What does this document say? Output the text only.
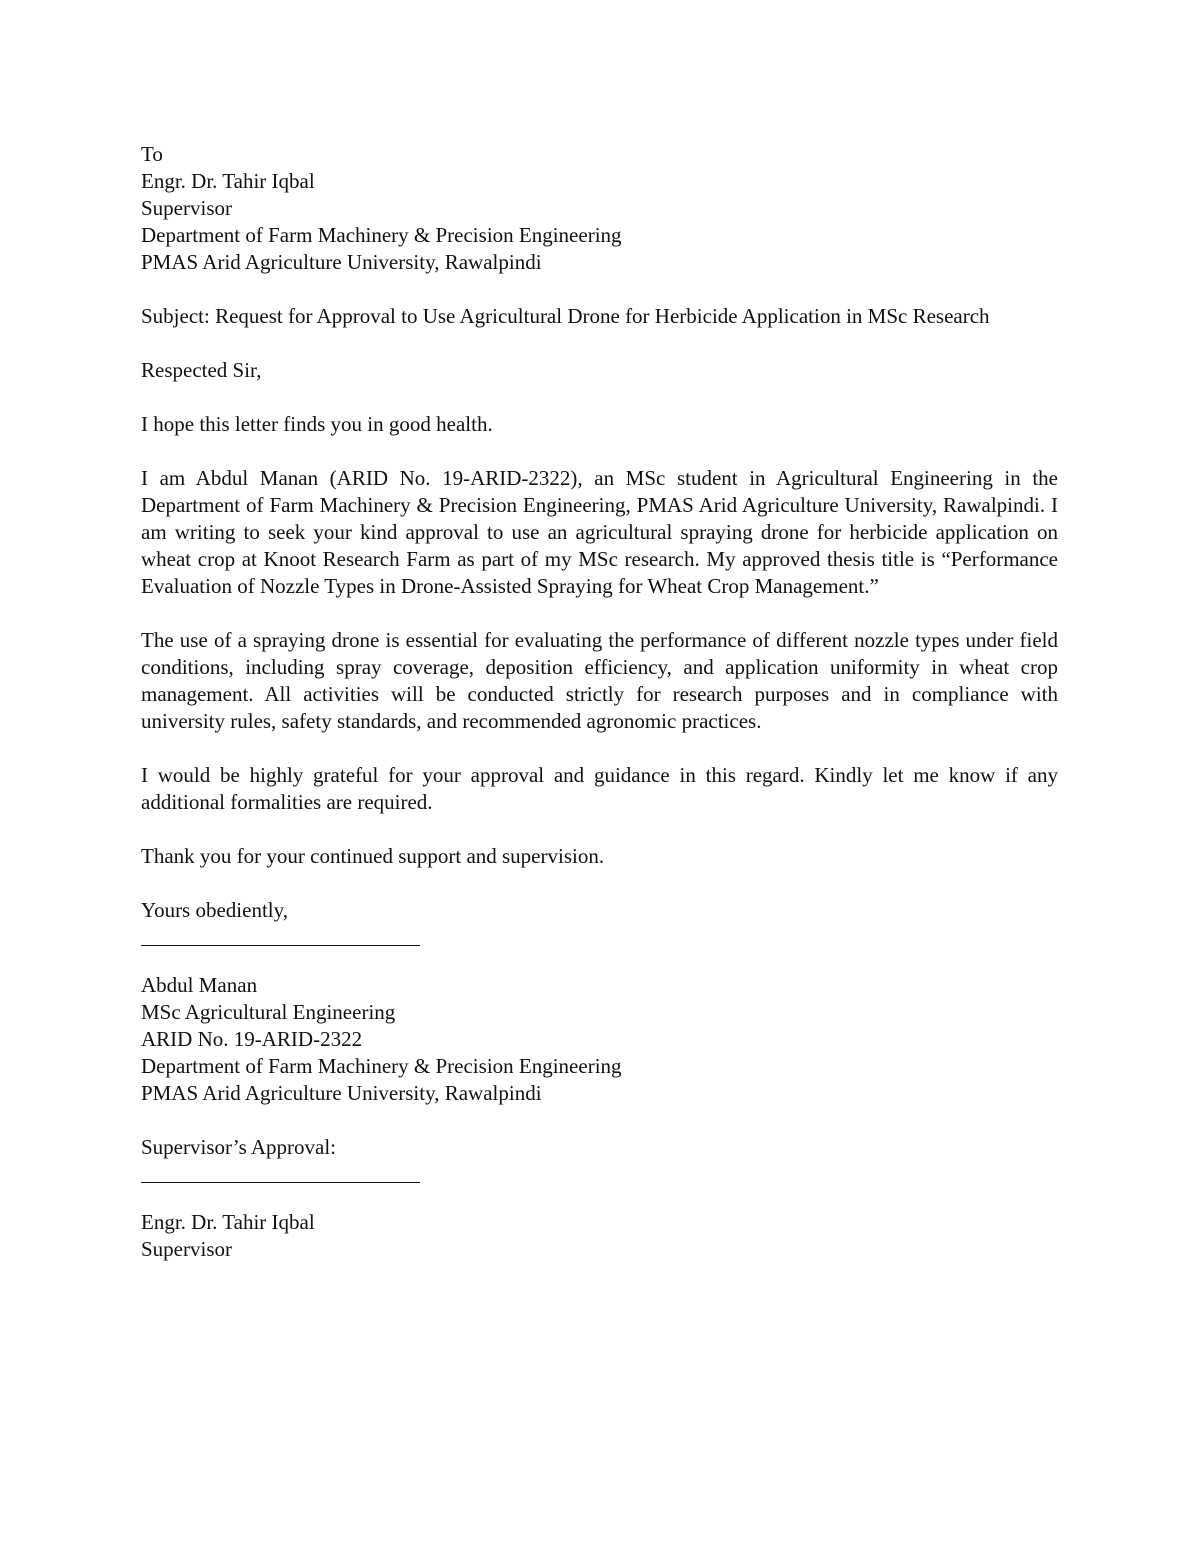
To
Engr. Dr. Tahir Iqbal
Supervisor
Department of Farm Machinery & Precision Engineering
PMAS Arid Agriculture University, Rawalpindi

Subject: Request for Approval to Use Agricultural Drone for Herbicide Application in MSc Research

Respected Sir,
I hope this letter finds you in good health.

I am Abdul Manan (ARID No. 19-ARID-2322), an MSc student in Agricultural Engineering in the Department of Farm Machinery & Precision Engineering, PMAS Arid Agriculture University, Rawalpindi. I am writing to seek your kind approval to use an agricultural spraying drone for herbicide application on wheat crop at Knoot Research Farm as part of my MSc research. My approved thesis title is “Performance Evaluation of Nozzle Types in Drone-Assisted Spraying for Wheat Crop Management.”

The use of a spraying drone is essential for evaluating the performance of different nozzle types under field conditions, including spray coverage, deposition efficiency, and application uniformity in wheat crop management. All activities will be conducted strictly for research purposes and in compliance with university rules, safety standards, and recommended agronomic practices.

I would be highly grateful for your approval and guidance in this regard. Kindly let me know if any additional formalities are required.

Thank you for your continued support and supervision.
Yours obediently,
Abdul Manan
MSc Agricultural Engineering
ARID No. 19-ARID-2322
Department of Farm Machinery & Precision Engineering
PMAS Arid Agriculture University, Rawalpindi
Supervisor’s Approval:
Engr. Dr. Tahir Iqbal
Supervisor
